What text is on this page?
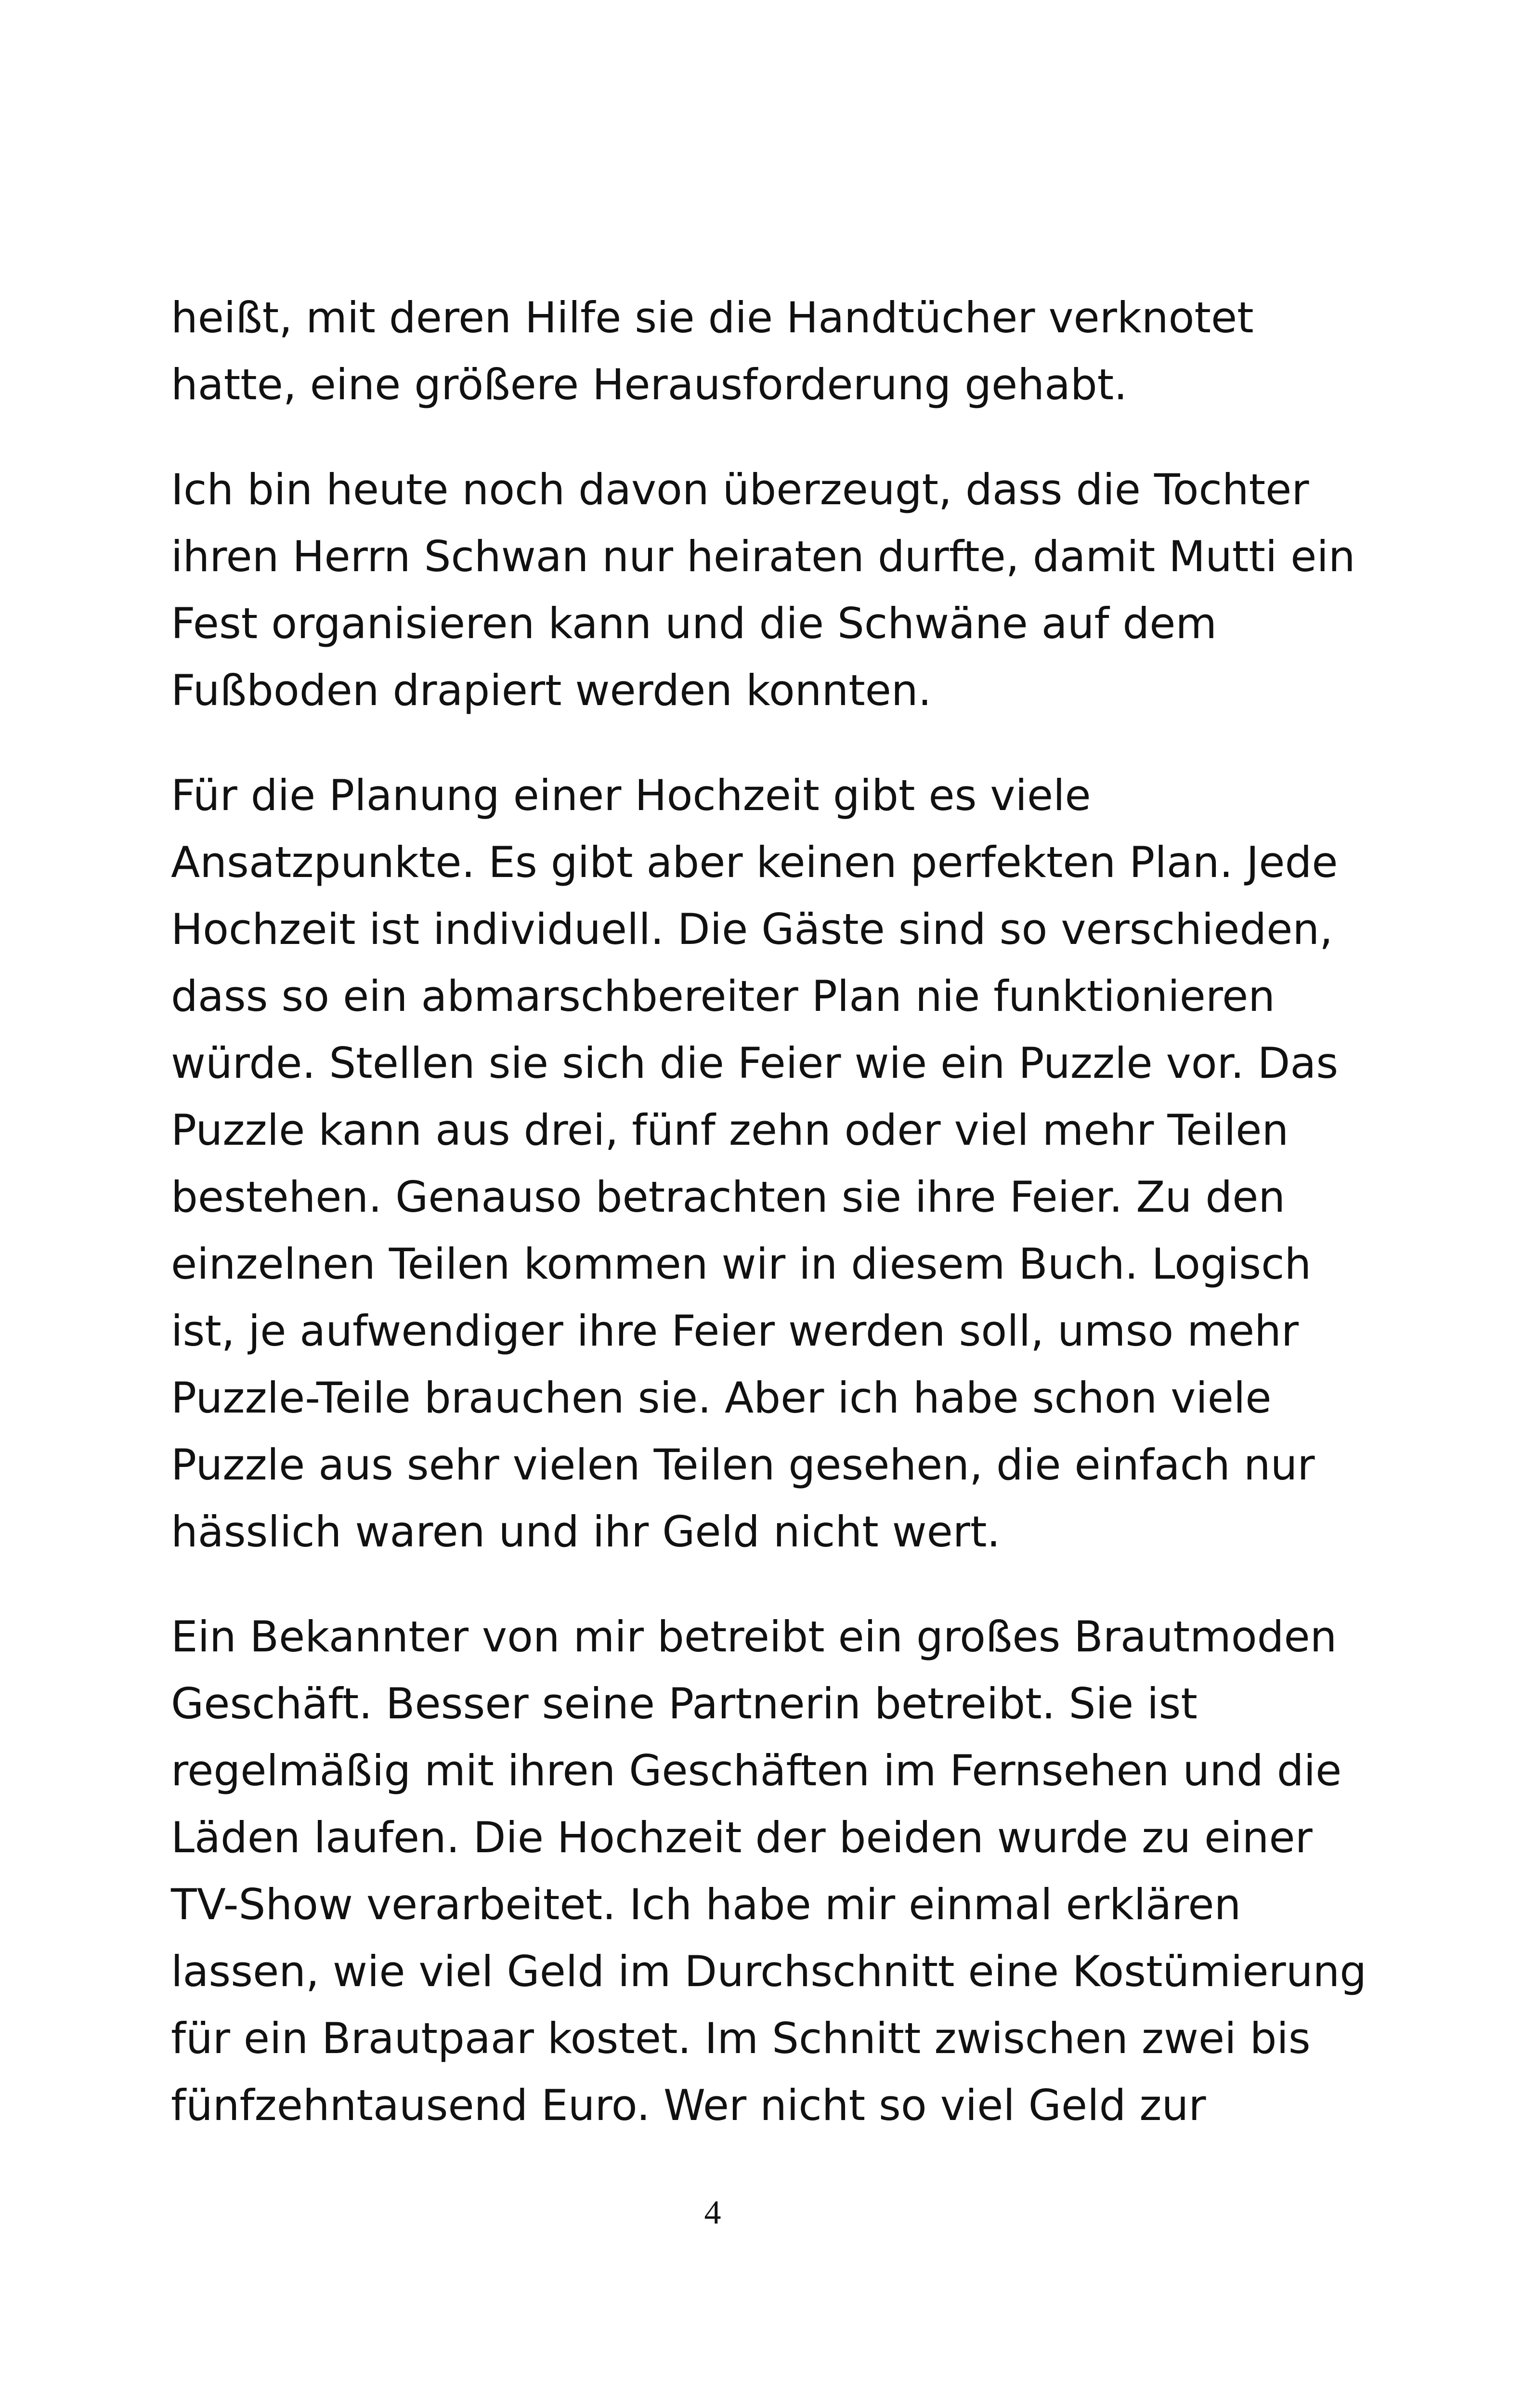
heißt, mit deren Hilfe sie die Handtücher verknotet
hatte, eine größere Herausforderung gehabt.

Ich bin heute noch davon überzeugt, dass die Tochter
ihren Herrn Schwan nur heiraten durfte, damit Mutti ein
Fest organisieren kann und die Schwäne auf dem
Fußboden drapiert werden konnten.

Für die Planung einer Hochzeit gibt es viele
Ansatzpunkte. Es gibt aber keinen perfekten Plan. Jede
Hochzeit ist individuell. Die Gäste sind so verschieden,
dass so ein abmarschbereiter Plan nie funktionieren
würde. Stellen sie sich die Feier wie ein Puzzle vor. Das
Puzzle kann aus drei, fünf zehn oder viel mehr Teilen
bestehen. Genauso betrachten sie ihre Feier. Zu den
einzelnen Teilen kommen wir in diesem Buch. Logisch
ist, je aufwendiger ihre Feier werden soll, umso mehr
Puzzle-Teile brauchen sie. Aber ich habe schon viele
Puzzle aus sehr vielen Teilen gesehen, die einfach nur
hässlich waren und ihr Geld nicht wert.

Ein Bekannter von mir betreibt ein großes Brautmoden
Geschäft. Besser seine Partnerin betreibt. Sie ist
regelmäßig mit ihren Geschäften im Fernsehen und die
Läden laufen. Die Hochzeit der beiden wurde zu einer
TV-Show verarbeitet. Ich habe mir einmal erklären
lassen, wie viel Geld im Durchschnitt eine Kostümierung
für ein Brautpaar kostet. Im Schnitt zwischen zwei bis
fünfzehntausend Euro. Wer nicht so viel Geld zur

4
